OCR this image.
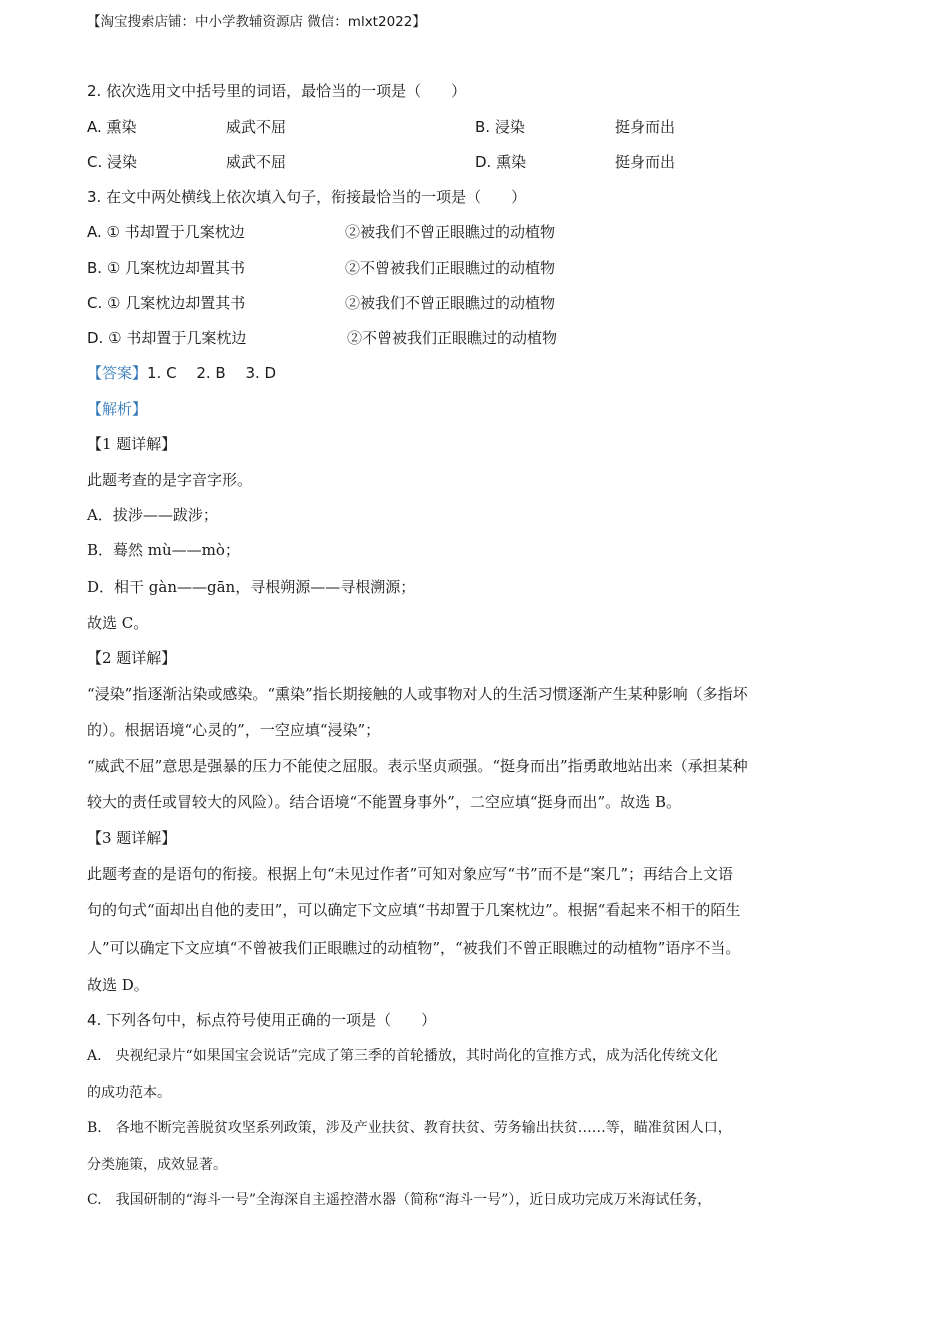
【淘宝搜索店铺：中小学教辅资源店 微信：mlxt2022】
2. 依次选用文中括号里的词语，最恰当的一项是（　　）
A. 熏染	威武不屈	B. 浸染	挺身而出
C. 浸染	威武不屈	D. 熏染	挺身而出
3. 在文中两处横线上依次填入句子，衔接最恰当的一项是（　　）
A. ① 书却置于几案枕边	②被我们不曾正眼瞧过的动植物
B. ① 几案枕边却置其书	②不曾被我们正眼瞧过的动植物
C. ① 几案枕边却置其书	②被我们不曾正眼瞧过的动植物
D. ① 书却置于几案枕边	②不曾被我们正眼瞧过的动植物
【答案】1. C　 2. B　 3. D
【解析】
【1 题详解】
此题考查的是字音字形。
A．拔涉——跋涉；
B．蓦然 mù——mò；
D．相干 gàn——gān，寻根朔源——寻根溯源；
故选 C。
【2 题详解】
“浸染”指逐渐沾染或感染。“熏染”指长期接触的人或事物对人的生活习惯逐渐产生某种影响（多指坏
的）。根据语境“心灵的”，一空应填“浸染”；
“威武不屈”意思是强暴的压力不能使之屈服。表示坚贞顽强。“挺身而出”指勇敢地站出来（承担某种
较大的责任或冒较大的风险）。结合语境“不能置身事外”，二空应填“挺身而出”。故选 B。
【3 题详解】
此题考查的是语句的衔接。根据上句“未见过作者”可知对象应写“书”而不是“案几”；再结合上文语
句的句式“面却出自他的麦田”，可以确定下文应填“书却置于几案枕边”。根据“看起来不相干的陌生
人”可以确定下文应填“不曾被我们正眼瞧过的动植物”，“被我们不曾正眼瞧过的动植物”语序不当。
故选 D。
4. 下列各句中，标点符号使用正确的一项是（　　）
A.　央视纪录片“如果国宝会说话”完成了第三季的首轮播放，其时尚化的宣推方式，成为活化传统文化
的成功范本。
B.　各地不断完善脱贫攻坚系列政策，涉及产业扶贫、教育扶贫、劳务输出扶贫……等，瞄准贫困人口，
分类施策，成效显著。
C.　我国研制的“海斗一号”全海深自主遥控潜水器（简称“海斗一号”），近日成功完成万米海试任务，
